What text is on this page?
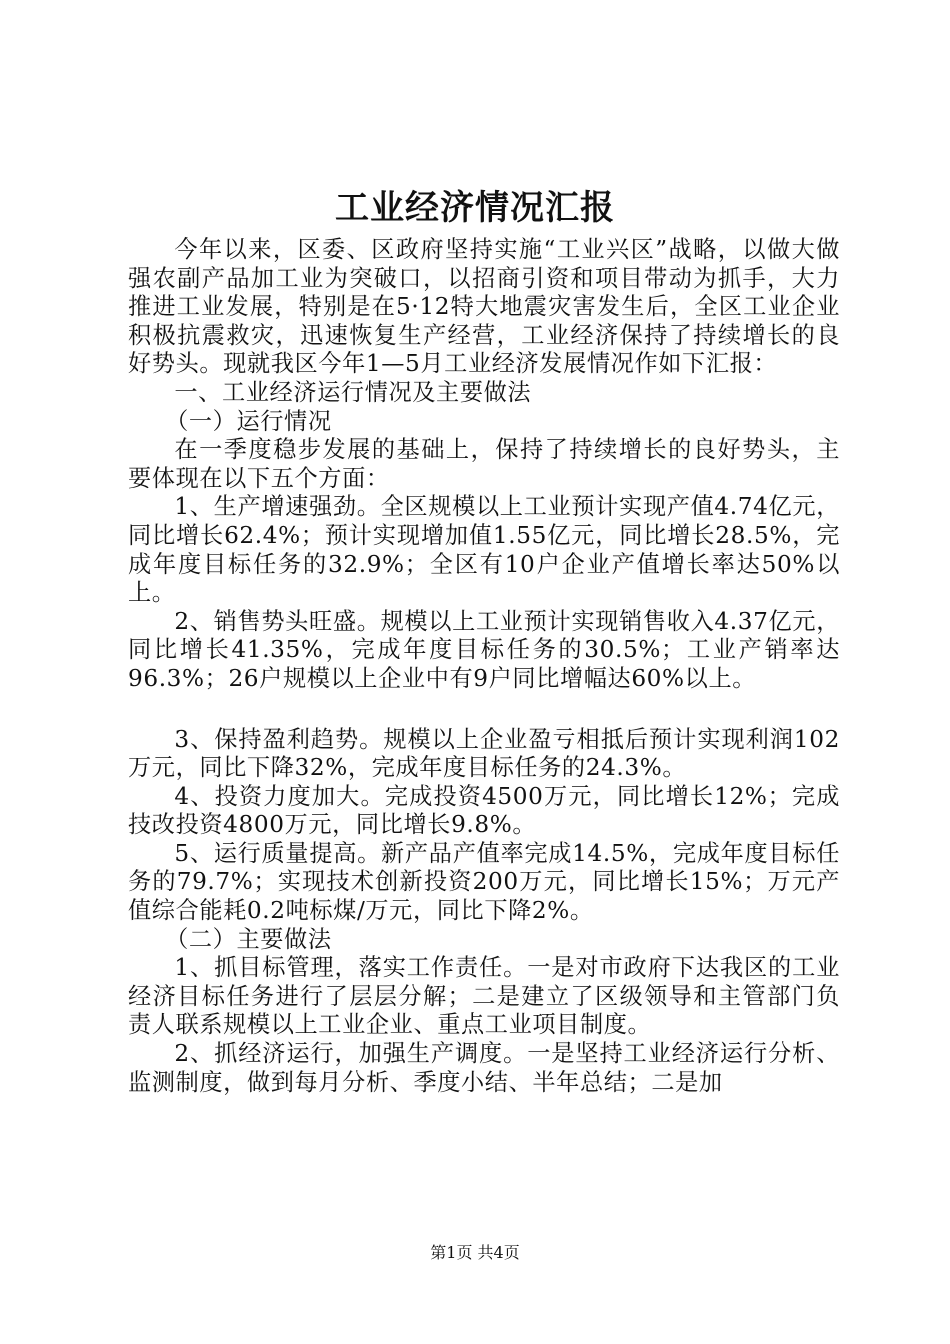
工业经济情况汇报

今年以来，区委、区政府坚持实施“工业兴区”战略，以做大做强农副产品加工业为突破口，以招商引资和项目带动为抓手，大力推进工业发展，特别是在5·12特大地震灾害发生后，全区工业企业积极抗震救灾，迅速恢复生产经营，工业经济保持了持续增长的良好势头。现就我区今年1—5月工业经济发展情况作如下汇报：

一、工业经济运行情况及主要做法

（一）运行情况

在一季度稳步发展的基础上，保持了持续增长的良好势头，主要体现在以下五个方面：

1、生产增速强劲。全区规模以上工业预计实现产值4.74亿元，同比增长62.4%；预计实现增加值1.55亿元，同比增长28.5%，完成年度目标任务的32.9%；全区有10户企业产值增长率达50%以上。

2、销售势头旺盛。规模以上工业预计实现销售收入4.37亿元，同比增长41.35%，完成年度目标任务的30.5%；工业产销率达96.3%；26户规模以上企业中有9户同比增幅达60%以上。

3、保持盈利趋势。规模以上企业盈亏相抵后预计实现利润102万元，同比下降32%，完成年度目标任务的24.3%。

4、投资力度加大。完成投资4500万元，同比增长12%；完成技改投资4800万元，同比增长9.8%。

5、运行质量提高。新产品产值率完成14.5%，完成年度目标任务的79.7%；实现技术创新投资200万元，同比增长15%；万元产值综合能耗0.2吨标煤/万元，同比下降2%。

（二）主要做法

1、抓目标管理，落实工作责任。一是对市政府下达我区的工业经济目标任务进行了层层分解；二是建立了区级领导和主管部门负责人联系规模以上工业企业、重点工业项目制度。

2、抓经济运行，加强生产调度。一是坚持工业经济运行分析、监测制度，做到每月分析、季度小结、半年总结；二是加

第1页 共4页
